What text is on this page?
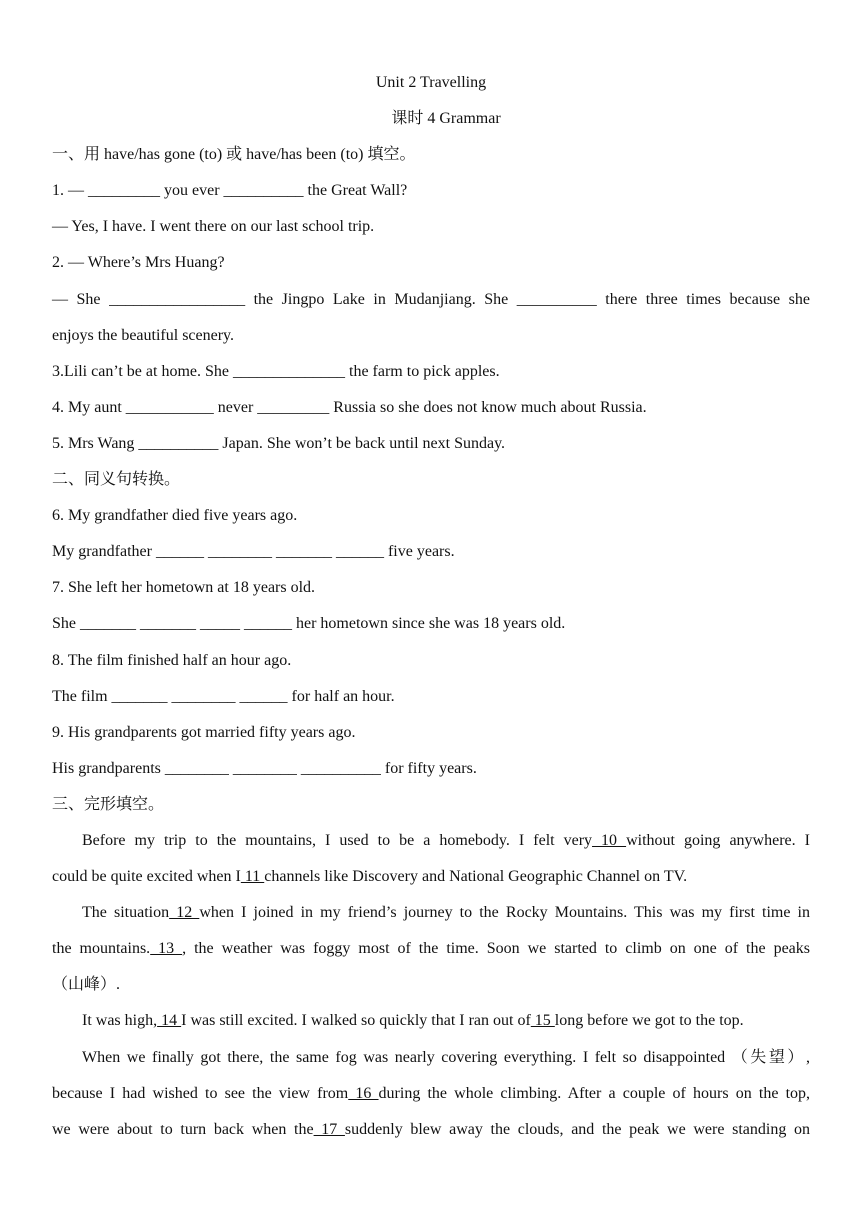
Unit 2 Travelling
课时 4 Grammar
一、用 have/has gone (to) 或 have/has been (to) 填空。
1. — _________ you ever __________ the Great Wall?
— Yes, I have. I went there on our last school trip.
2. — Where’s Mrs Huang?
— She _________________ the Jingpo Lake in Mudanjiang. She __________ there three times because she
enjoys the beautiful scenery.
3.Lili can’t be at home. She ______________ the farm to pick apples.
4. My aunt ___________ never _________ Russia so she does not know much about Russia.
5. Mrs Wang __________ Japan. She won’t be back until next Sunday.
二、同义句转换。
6. My grandfather died five years ago.
My grandfather ______ ________ _______ ______ five years.
7. She left her hometown at 18 years old.
She _______ _______ _____ ______ her hometown since she was 18 years old.
8. The film finished half an hour ago.
The film _______ ________ ______ for half an hour.
9. His grandparents got married fifty years ago.
His grandparents ________ ________ __________ for fifty years.
三、完形填空。
Before my trip to the mountains, I used to be a homebody. I felt very 10 without going anywhere. I
could be quite excited when I 11 channels like Discovery and National Geographic Channel on TV.
The situation 12 when I joined in my friend’s journey to the Rocky Mountains. This was my first time in
the mountains. 13 , the weather was foggy most of the time. Soon we started to climb on one of the peaks
（山峰）.
It was high, 14 I was still excited. I walked so quickly that I ran out of 15 long before we got to the top.
When we finally got there, the same fog was nearly covering everything. I felt so disappointed （失望）,
because I had wished to see the view from 16 during the whole climbing. After a couple of hours on the top,
we were about to turn back when the 17 suddenly blew away the clouds, and the peak we were standing on
